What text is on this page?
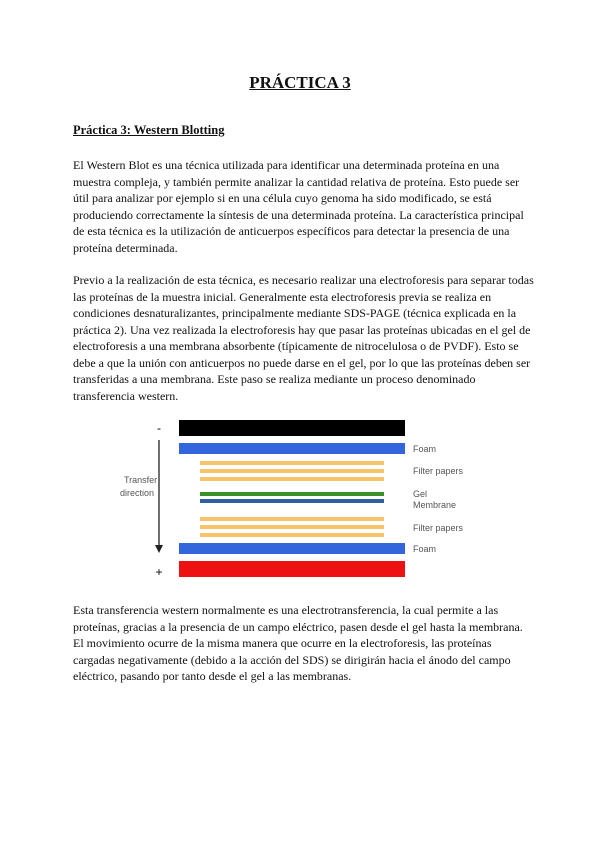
PRÁCTICA 3
Práctica 3: Western Blotting

El Western Blot es una técnica utilizada para identificar una determinada proteína en una muestra compleja, y también permite analizar la cantidad relativa de proteína. Esto puede ser útil para analizar por ejemplo si en una célula cuyo genoma ha sido modificado, se está produciendo correctamente la síntesis de una determinada proteína. La característica principal de esta técnica es la utilización de anticuerpos específicos para detectar la presencia de una proteína determinada.

Previo a la realización de esta técnica, es necesario realizar una electroforesis para separar todas las proteínas de la muestra inicial. Generalmente esta electroforesis previa se realiza en condiciones desnaturalizantes, principalmente mediante SDS-PAGE (técnica explicada en la práctica 2). Una vez realizada la electroforesis hay que pasar las proteínas ubicadas en el gel de electroforesis a una membrana absorbente (típicamente de nitrocelulosa o de PVDF). Esto se debe a que la unión con anticuerpos no puede darse en el gel, por lo que las proteínas deben ser transferidas a una membrana. Este paso se realiza mediante un proceso denominado transferencia western.

-
+
Transfer
direction
Foam
Filter papers
Gel
Membrane
Filter papers
Foam

Esta transferencia western normalmente es una electrotransferencia, la cual permite a las proteínas, gracias a la presencia de un campo eléctrico, pasen desde el gel hasta la membrana. El movimiento ocurre de la misma manera que ocurre en la electroforesis, las proteínas cargadas negativamente (debido a la acción del SDS) se dirigirán hacia el ánodo del campo eléctrico, pasando por tanto desde el gel a las membranas.
